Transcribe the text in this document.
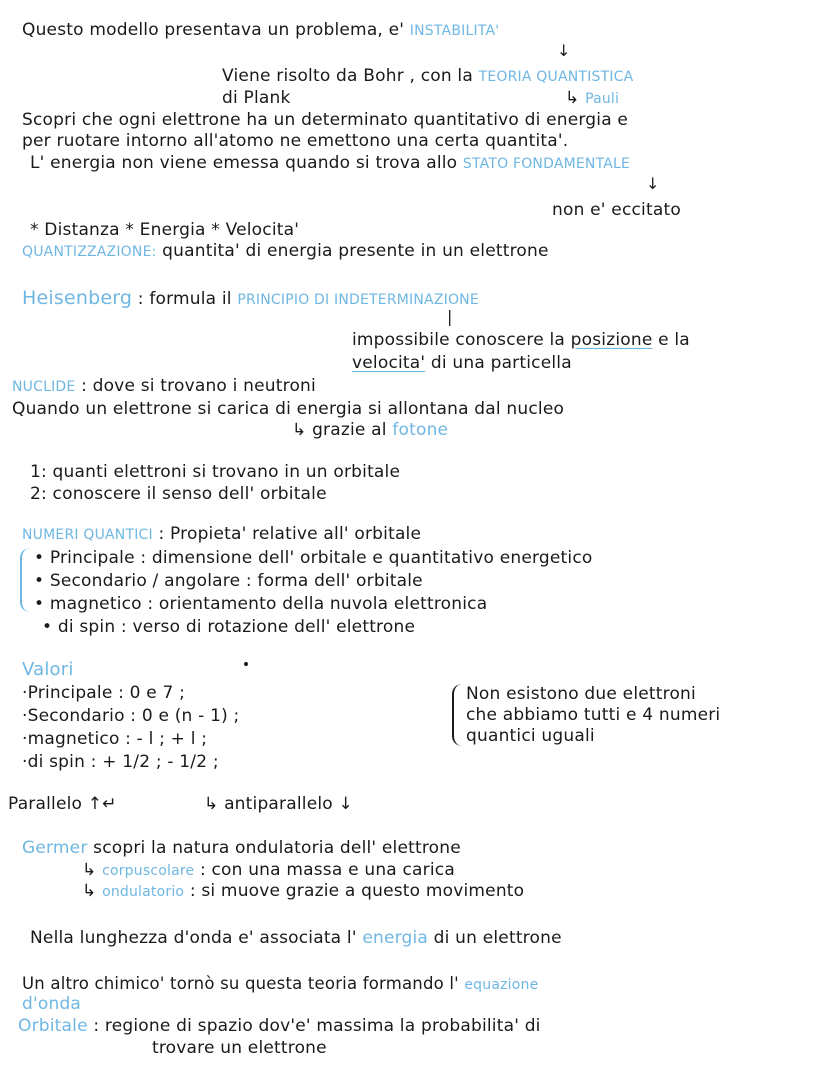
Questo modello presentava un problema, e' INSTABILITA'
↓
Viene risolto da Bohr , con la TEORIA QUANTISTICA
di Plank	↳ Pauli
Scopri che ogni elettrone ha un determinato quantitativo di energia e
per ruotare intorno all'atomo ne emettono una certa quantita'.
L' energia non viene emessa quando si trova allo STATO FONDAMENTALE
↓
non e' eccitato
* Distanza * Energia * Velocita'
QUANTIZZAZIONE: quantita' di energia presente in un elettrone
Heisenberg : formula il PRINCIPIO DI INDETERMINAZIONE
|
impossibile conoscere la posizione e la
velocita' di una particella
NUCLIDE : dove si trovano i neutroni
Quando un elettrone si carica di energia si allontana dal nucleo
↳ grazie al fotone
1: quanti elettroni si trovano in un orbitale
2: conoscere il senso dell' orbitale
NUMERI QUANTICI : Propieta' relative all' orbitale
• Principale : dimensione dell' orbitale e quantitativo energetico
• Secondario / angolare : forma dell' orbitale
• magnetico : orientamento della nuvola elettronica
• di spin : verso di rotazione dell' elettrone
Valori
·Principale : 0 e 7 ;
·Secondario : 0 e (n - 1) ;
·magnetico : - l ; + l ;
·di spin : + 1/2 ; - 1/2 ;
Non esistono due elettroni
che abbiamo tutti e 4 numeri
quantici uguali
Parallelo ↑↵	↳ antiparallelo ↓
Germer scopri la natura ondulatoria dell' elettrone
↳ corpuscolare : con una massa e una carica
↳ ondulatorio : si muove grazie a questo movimento
Nella lunghezza d'onda e' associata l' energia di un elettrone
Un altro chimico' tornò su questa teoria formando l' equazione
d'onda
Orbitale : regione di spazio dov'e' massima la probabilita' di
trovare un elettrone
